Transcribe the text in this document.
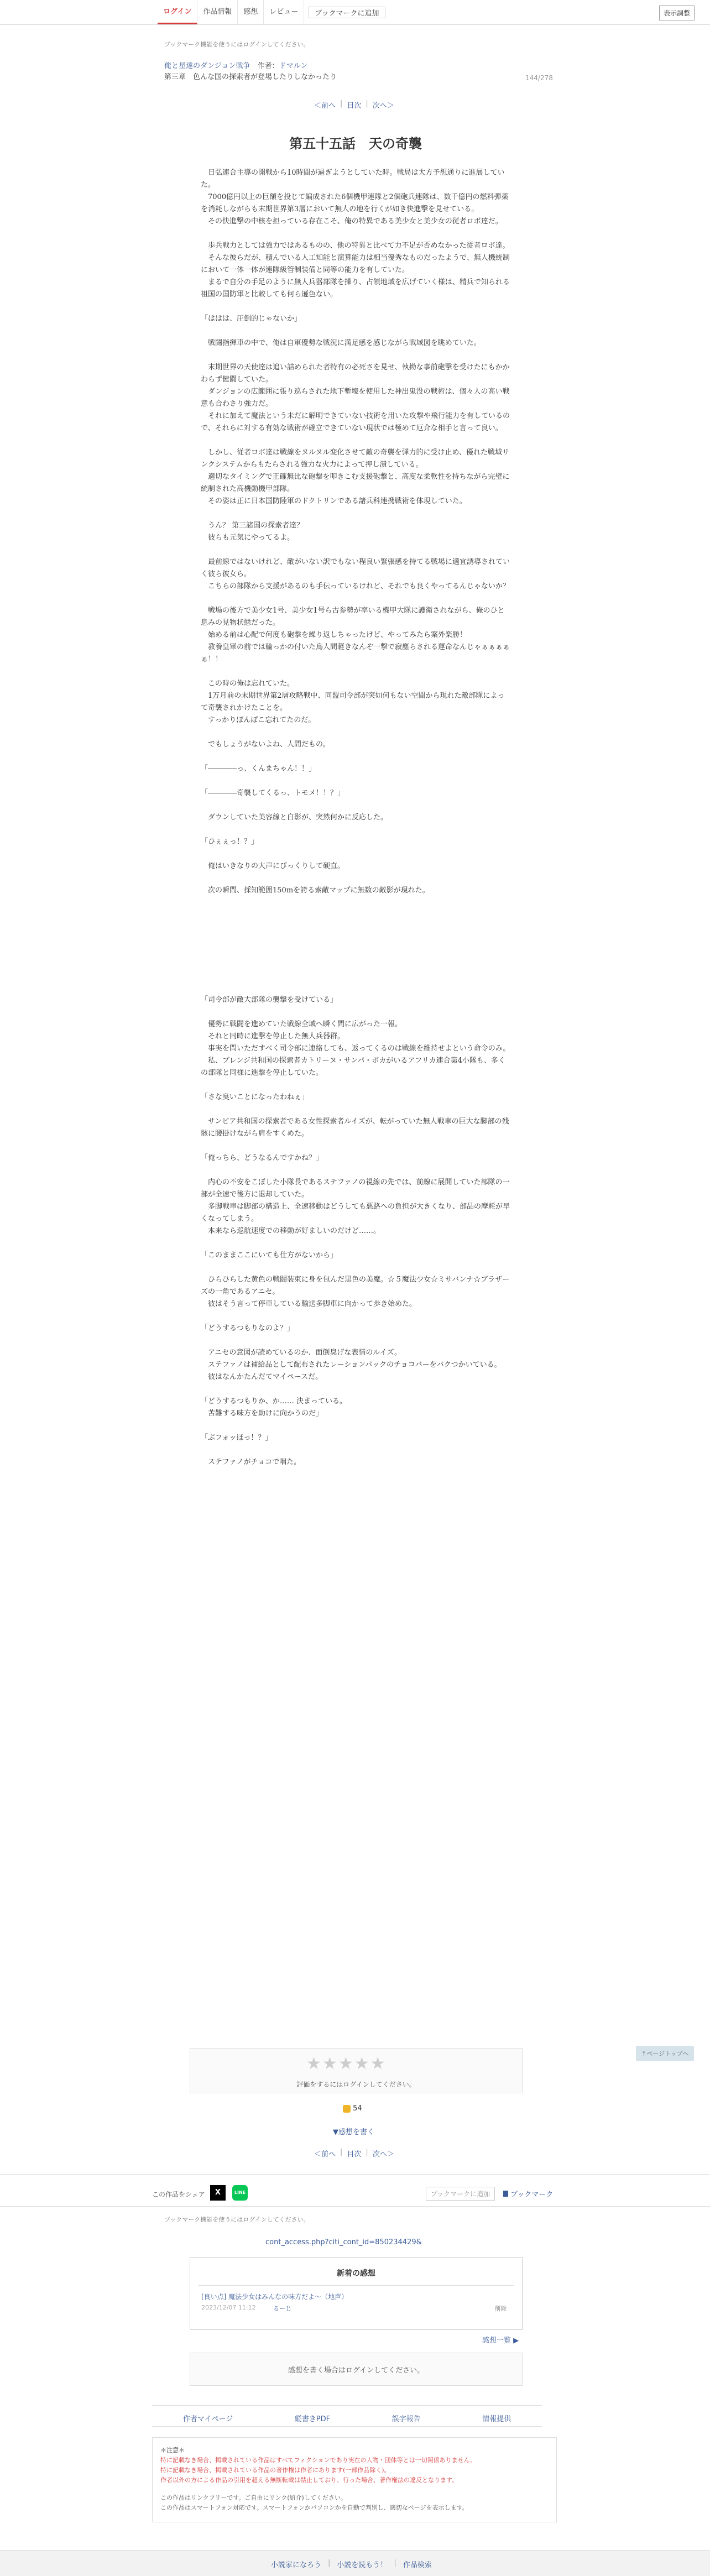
ログイン	作品情報	感想	レビュー	ブックマークに追加	表示調整
ブックマーク機能を使うにはログインしてください。
俺と星達のダンジョン戦争　 作者：ドマルン
第三章　色んな国の探索者が登場したりしなかったり
＜前へ | 目次 | 次へ＞
144/278
第五十五話　天の奇襲

　日弘連合主導の開戦から10時間が過ぎようとしていた時。戦局は大方予想通りに進展していた。
　7000億円以上の巨額を投じて編成された6個機甲連隊と2個砲兵連隊は、数千億円の燃料弾薬を消耗しながらも末期世界第3層において無人の地を行くが如き快進撃を見せている。
　その快進撃の中核を担っている存在こそ、俺の特異である美少女と美少女の従者ロボ達だ。

　歩兵戦力としては強力ではあるものの、他の特異と比べて力不足が否めなかった従者ロボ達。
　そんな彼らだが、積んでいる人工知能と演算能力は相当優秀なものだったようで、無人機統制において一体一体が連隊級管制装備と同等の能力を有していた。
　まるで自分の手足のように無人兵器部隊を操り、占領地域を広げていく様は、精兵で知られる祖国の国防軍と比較しても何ら遜色ない。

「ははは、圧倒的じゃないか」

　戦闘指揮車の中で、俺は自軍優勢な戦況に満足感を感じながら戦域図を眺めていた。

　末期世界の天使達は追い詰められた者特有の必死さを見せ、執拗な事前砲撃を受けたにもかかわらず健闘していた。
　ダンジョンの広範囲に張り巡らされた地下塹壕を使用した神出鬼没の戦術は、個々人の高い戦意も合わさり強力だ。
　それに加えて魔法という未だに解明できていない技術を用いた攻撃や飛行能力を有しているので、それらに対する有効な戦術が確立できていない現状では極めて厄介な相手と言って良い。

　しかし、従者ロボ達は戦線をヌルヌル変化させて敵の奇襲を弾力的に受け止め、優れた戦域リンクシステムからもたらされる強力な火力によって押し潰している。
　適切なタイミングで正確無比な砲撃を叩きこむ支援砲撃と、高度な柔軟性を持ちながら完璧に統制された高機動機甲部隊。
　その姿は正に日本国防陸軍のドクトリンである諸兵科連携戦術を体現していた。

　うん？ 第三諸国の探索者達？
　彼らも元気にやってるよ。

　最前線ではないけれど、敵がいない訳でもない程良い緊張感を持てる戦場に適宜誘導されていく彼ら彼女ら。
　こちらの部隊から支援があるのも手伝っているけれど、それでも良くやってるんじゃないか？

　戦場の後方で美少女1号、美少女1号ら古参勢が率いる機甲大隊に護衛されながら、俺のひと息みの見物状態だった。
　始める前は心配で何度も砲撃を繰り返しちゃったけど、やってみたら案外楽勝！
　教養皇軍の前では輪っかの付いた鳥人間軽きなんぞ一撃で寂塵らされる運命なんじゃぁぁぁぁぁ！！

　この時の俺は忘れていた。
　1万月前の末期世界第2層攻略戦中、同盟司令部が突如何もない空間から現れた敵部隊によって奇襲されかけたことを。
　すっかりぽんぽこ忘れてたのだ。

　でもしょうがないよね、人間だもの。

「――――っ、くんまちゃん！！」

「――――奇襲してくるっ、トモメ！！？」

　ダウンしていた美容線と白影が、突然何かに反応した。

「ひぇぇっ！？」

　俺はいきなりの大声にびっくりして硬直。

　次の瞬間、採知範囲150mを誇る索敵マップに無数の敵影が現れた。

「司令部が敵大部隊の襲撃を受けている」

　優勢に戦闘を進めていた戦線全域へ瞬く間に広がった一報。
　それと同時に進撃を停止した無人兵器群。
　事実を問いただすべく司令部に連絡しても、返ってくるのは戦線を維持せよという命令のみ。
　私、ブレンジ共和国の探索者カトリーヌ・サンパ・ボカがいるアフリカ連合第4小隊も、多くの部隊と同様に進撃を停止していた。

「さな臭いことになったわねぇ」

　サンビア共和国の探索者である女性探索者ルイズが、転がっていた無人戦車の巨大な脚部の残骸に腰掛けながら肩をすくめた。

「俺っちら、どうなるんですかね？」

　内心の不安をこぼした小隊長であるステファノの視線の先では、前線に展開していた部隊の一部が全速で後方に退却していた。
　多脚戦車は脚部の構造上、全速移動はどうしても悪路への負担が大きくなり、部品の摩耗が早くなってしまう。
　本来なら巡航速度での移動が好ましいのだけど……。

「このままここにいても仕方がないから」

　ひらひらした黄色の戦闘装束に身を包んだ黒色の美魔。☆５魔法少女☆ミサバンナ☆ブラザーズの一角であるアニセ。
　彼はそう言って停車している輸送多脚車に向かって歩き始めた。

「どうするつもりなのよ？」

　アニセの意図が読めているのか、面倒臭げな表情のルイズ。
　ステファノは補給品として配布されたレーションパックのチョコバーをバクつかいている。
　彼はなんかたんだてマイペースだ。

「どうするつもりか、か…… 決まっている。
　苦難する味方を助けに向かうのだ」

「ぶフォッほっ！？」

　ステファノがチョコで咽た。

↑ページトップへ
★★★★★
評価をするにはログインしてください。
54
▼感想を書く
＜前へ | 目次 | 次へ＞
この作品をシェア	X	LINE	ブックマークに追加	ブックマーク
ブックマーク機能を使うにはログインしてください。
cont_access.php?citi_cont_id=850234429&
新着の感想
[良い点] 魔法少女はみんなの味方だよ～（地声）
2023/12/07 11:12	るーじ	削除
感想一覧 ▶
感想を書く場合はログインしてください。
作者マイページ	縦書きPDF	誤字報告	情報提供
＊注意＊
特に記載なき場合、掲載されている作品はすべてフィクションであり実在の人物・団体等とは一切関係ありません。
特に記載なき場合、掲載されている作品の著作権は作者にあります(一部作品除く)。
作者以外の方による作品の引用を超える無断転載は禁止しており、行った場合、著作権法の違反となります。
この作品はリンクフリーです。ご自由にリンク(紹介)してください。
この作品はスマートフォン対応です。スマートフォンかパソコンかを自動で判別し、適切なページを表示します。
小説家になろう | 小説を読もう！ | 作品検索
